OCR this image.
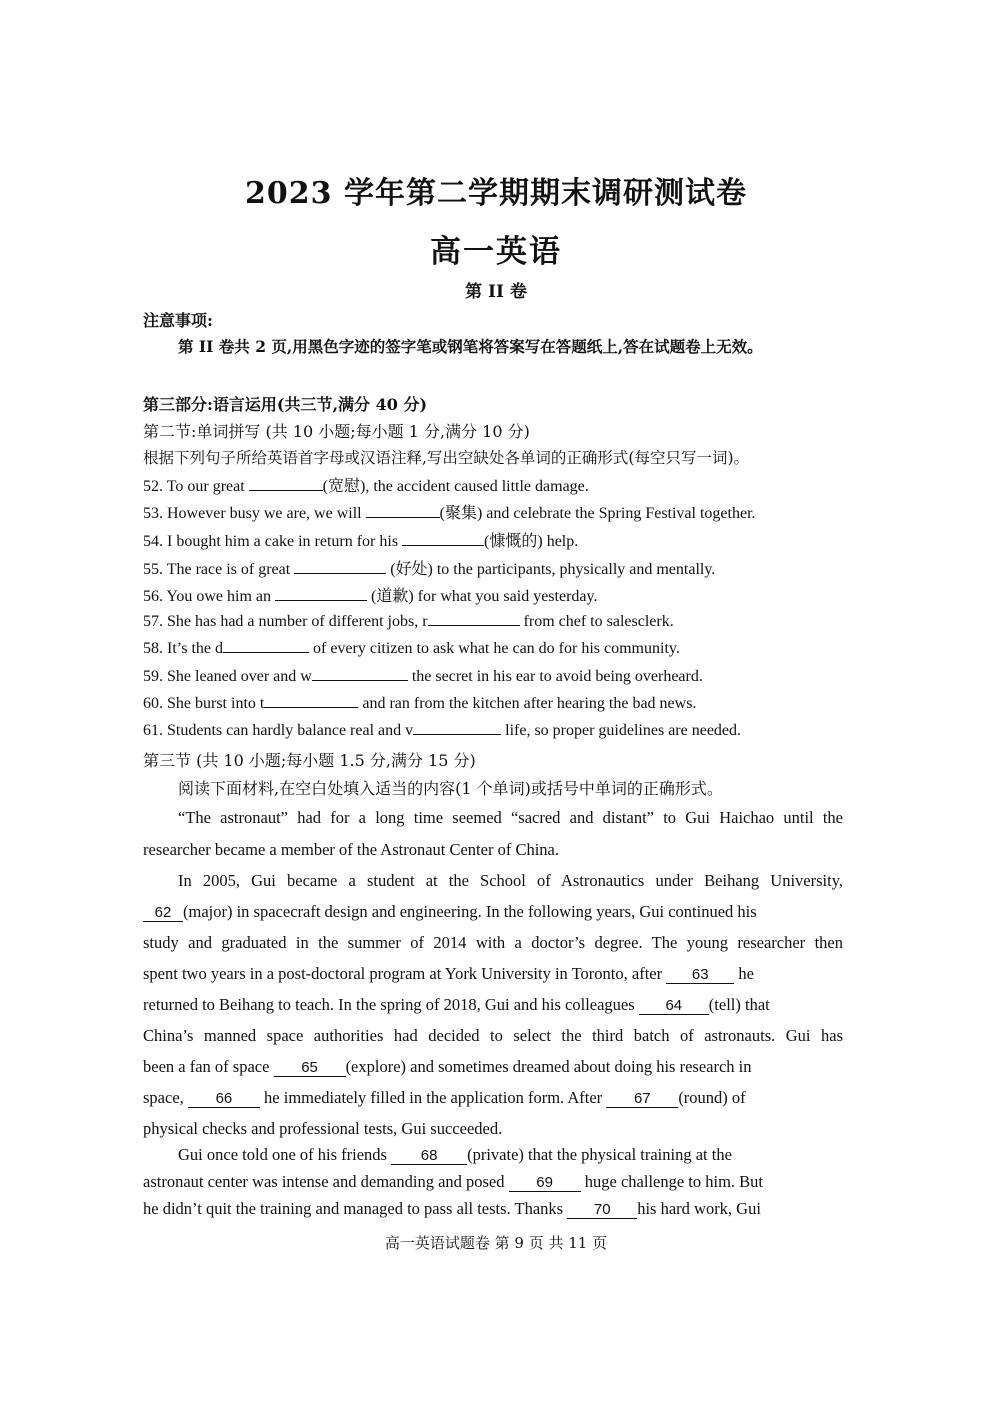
2023 学年第二学期期末调研测试卷
高一英语
第 II 卷
注意事项:
第 II 卷共 2 页,用黑色字迹的签字笔或钢笔将答案写在答题纸上,答在试题卷上无效。
第三部分:语言运用(共三节,满分 40 分)
第二节:单词拼写 (共 10 小题;每小题 1 分,满分 10 分)
根据下列句子所给英语首字母或汉语注释,写出空缺处各单词的正确形式(每空只写一词)。
52. To our great	(宽慰), the accident caused little damage.
53. However busy we are, we will	(聚集) and celebrate the Spring Festival together.
54. I bought him a cake in return for his	(慷慨的) help.
55. The race is of great	(好处) to the participants, physically and mentally.
56. You owe him an	(道歉) for what you said yesterday.
57. She has had a number of different jobs, r	from chef to salesclerk.
58. It’s the d	of every citizen to ask what he can do for his community.
59. She leaned over and w	the secret in his ear to avoid being overheard.
60. She burst into t	and ran from the kitchen after hearing the bad news.
61. Students can hardly balance real and v	life, so proper guidelines are needed.
第三节 (共 10 小题;每小题 1.5 分,满分 15 分)
阅读下面材料,在空白处填入适当的内容(1 个单词)或括号中单词的正确形式。
“The astronaut” had for a long time seemed “sacred and distant” to Gui Haichao until the
researcher became a member of the Astronaut Center of China.
In 2005, Gui became a student at the School of Astronautics under Beihang University,
62 (major) in spacecraft design and engineering. In the following years, Gui continued his
study and graduated in the summer of 2014 with a doctor’s degree. The young researcher then
spent two years in a post-doctoral program at York University in Toronto, after 63 he
returned to Beihang to teach. In the spring of 2018, Gui and his colleagues 64 (tell) that
China’s manned space authorities had decided to select the third batch of astronauts. Gui has
been a fan of space 65 (explore) and sometimes dreamed about doing his research in
space, 66 he immediately filled in the application form. After 67 (round) of
physical checks and professional tests, Gui succeeded.
Gui once told one of his friends 68 (private) that the physical training at the
astronaut center was intense and demanding and posed 69 huge challenge to him. But
he didn’t quit the training and managed to pass all tests. Thanks 70 his hard work, Gui
高一英语试题卷 第 9 页 共 11 页
